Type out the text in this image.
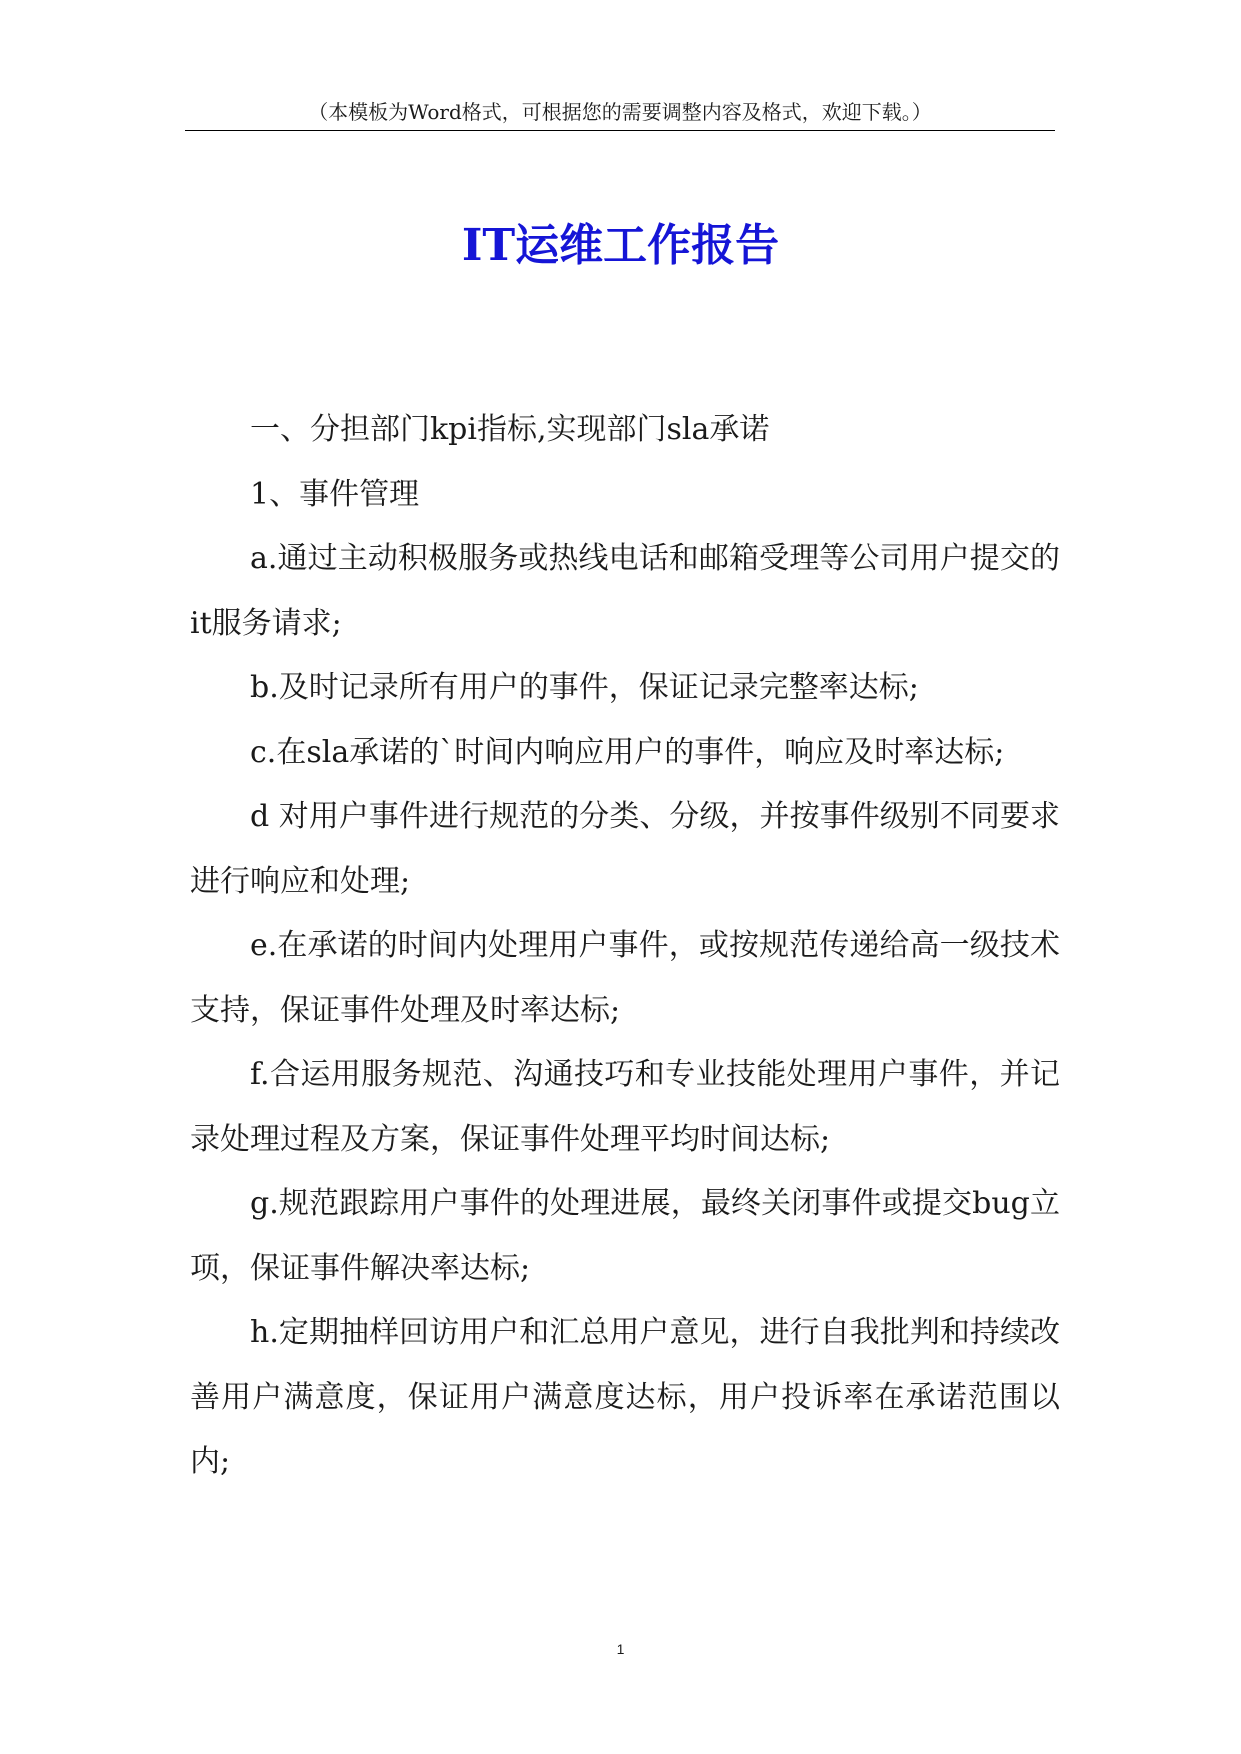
（本模板为Word格式，可根据您的需要调整内容及格式，欢迎下载。）
IT运维工作报告

一、分担部门kpi指标,实现部门sla承诺

1、事件管理

a.通过主动积极服务或热线电话和邮箱受理等公司用户提交的it服务请求;

b.及时记录所有用户的事件，保证记录完整率达标;

c.在sla承诺的`时间内响应用户的事件，响应及时率达标;

d 对用户事件进行规范的分类、分级，并按事件级别不同要求进行响应和处理;

e.在承诺的时间内处理用户事件，或按规范传递给高一级技术支持，保证事件处理及时率达标;

f.合运用服务规范、沟通技巧和专业技能处理用户事件，并记录处理过程及方案，保证事件处理平均时间达标;

g.规范跟踪用户事件的处理进展，最终关闭事件或提交bug立项，保证事件解决率达标;

h.定期抽样回访用户和汇总用户意见，进行自我批判和持续改善用户满意度，保证用户满意度达标，用户投诉率在承诺范围以内;

1
